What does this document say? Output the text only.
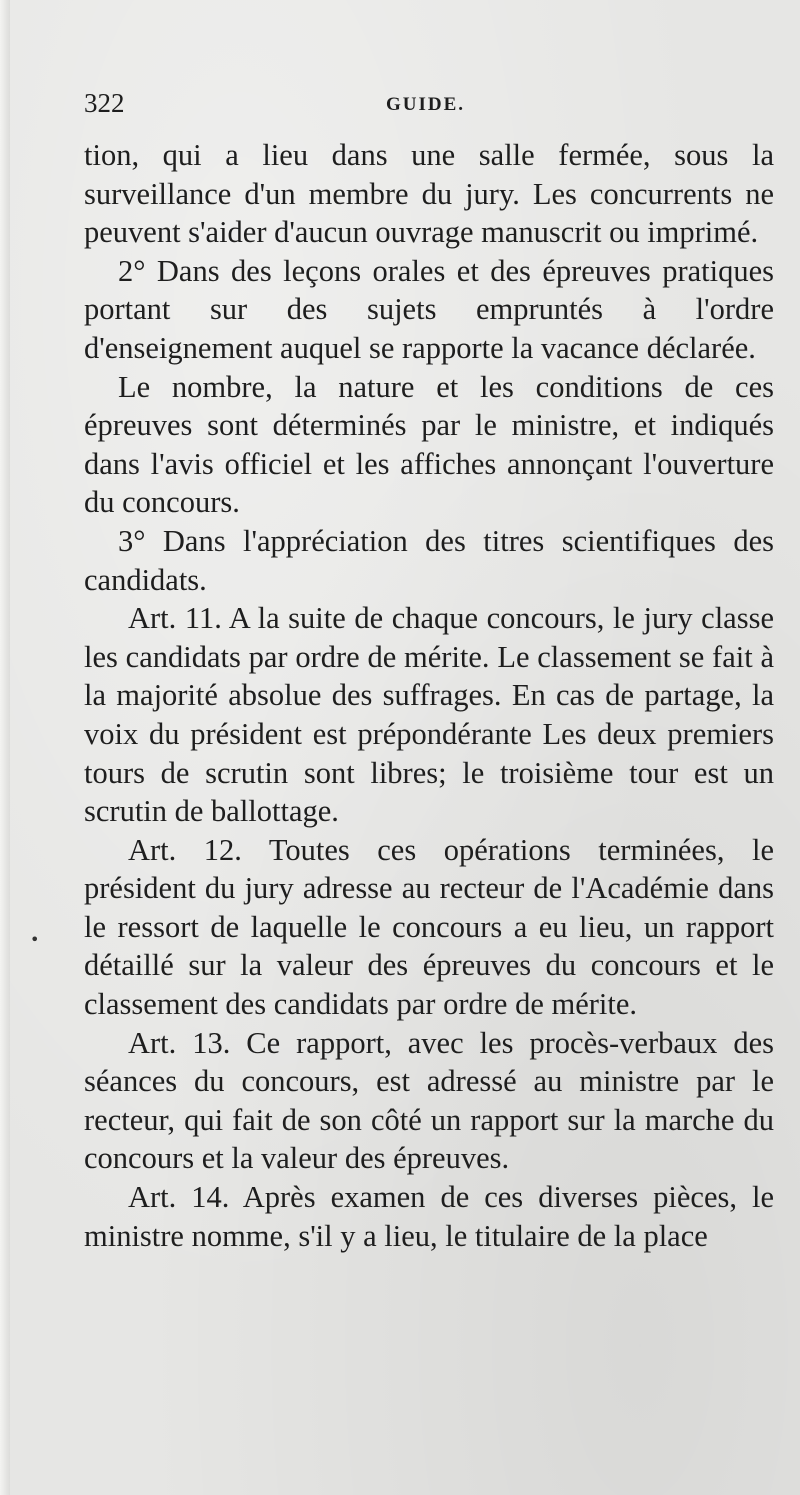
322	GUIDE.
•

tion, qui a lieu dans une salle fermée, sous la surveillance d'un membre du jury. Les concurrents ne peuvent s'aider d'aucun ouvrage manuscrit ou imprimé.

2° Dans des leçons orales et des épreuves pratiques portant sur des sujets empruntés à l'ordre d'enseignement auquel se rapporte la vacance déclarée.

Le nombre, la nature et les conditions de ces épreuves sont déterminés par le ministre, et indiqués dans l'avis officiel et les affiches annonçant l'ouverture du concours.

3° Dans l'appréciation des titres scientifiques des candidats.

Art. 11. A la suite de chaque concours, le jury classe les candidats par ordre de mérite. Le classement se fait à la majorité absolue des suffrages. En cas de partage, la voix du président est prépondérante Les deux premiers tours de scrutin sont libres; le troisième tour est un scrutin de ballottage.

Art. 12. Toutes ces opérations terminées, le président du jury adresse au recteur de l'Académie dans le ressort de laquelle le concours a eu lieu, un rapport détaillé sur la valeur des épreuves du concours et le classement des candidats par ordre de mérite.

Art. 13. Ce rapport, avec les procès-verbaux des séances du concours, est adressé au ministre par le recteur, qui fait de son côté un rapport sur la marche du concours et la valeur des épreuves.

Art. 14. Après examen de ces diverses pièces, le ministre nomme, s'il y a lieu, le titulaire de la place
